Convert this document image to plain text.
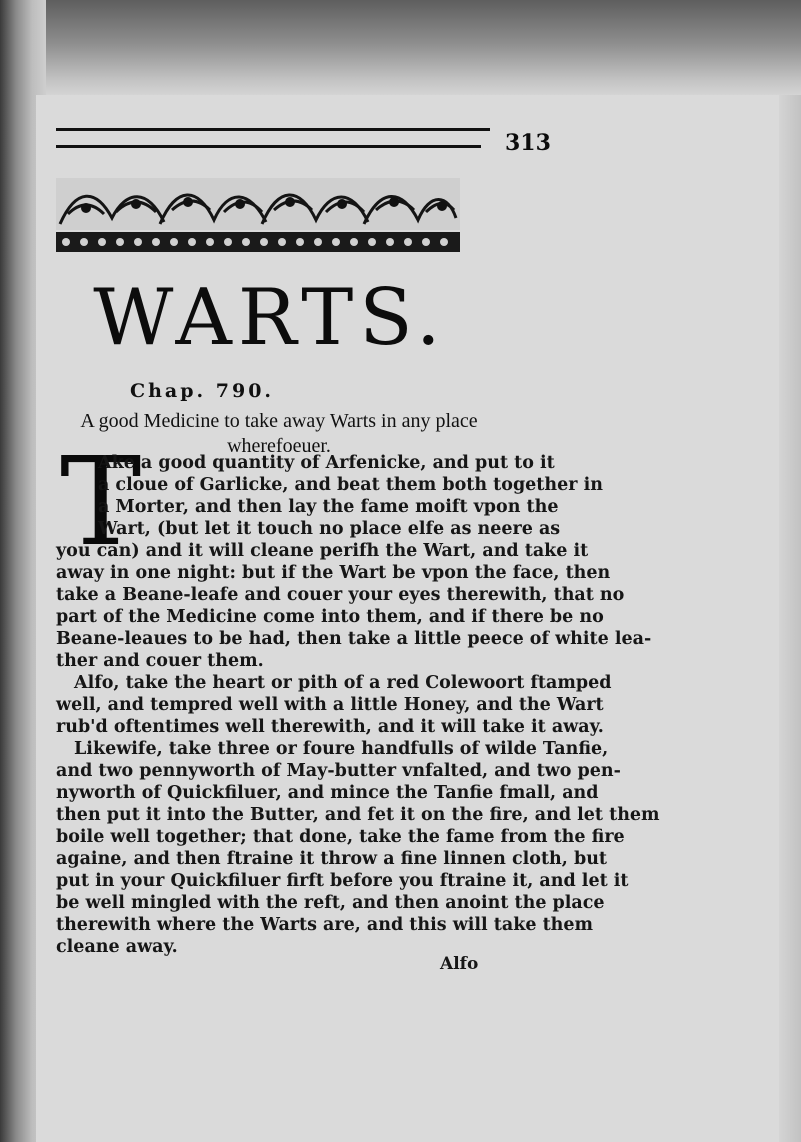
313
WARTS.
Chap. 790.
A good Medicine to take away Warts in any place wherefoeuer.
T
Ake a good quantity of Arfenicke, and put to it
a cloue of Garlicke, and beat them both together in
a Morter, and then lay the fame moift vpon the
Wart, (but let it touch no place elfe as neere as
you can) and it will cleane perifh the Wart, and take it
away in one night: but if the Wart be vpon the face, then
take a Beane-leafe and couer your eyes therewith, that no
part of the Medicine come into them, and if there be no
Beane-leaues to be had, then take a little peece of white lea-
ther and couer them.
Alfo, take the heart or pith of a red Colewoort ftamped
well, and tempred well with a little Honey, and the Wart
rub'd oftentimes well therewith, and it will take it away.
Likewife, take three or foure handfulls of wilde Tanfie,
and two pennyworth of May-butter vnfalted, and two pen-
nyworth of Quickfiluer, and mince the Tanfie fmall, and
then put it into the Butter, and fet it on the fire, and let them
boile well together; that done, take the fame from the fire
againe, and then ftraine it throw a fine linnen cloth, but
put in your Quickfiluer firft before you ftraine it, and let it
be well mingled with the reft, and then anoint the place
therewith where the Warts are, and this will take them
cleane away.
Alfo
